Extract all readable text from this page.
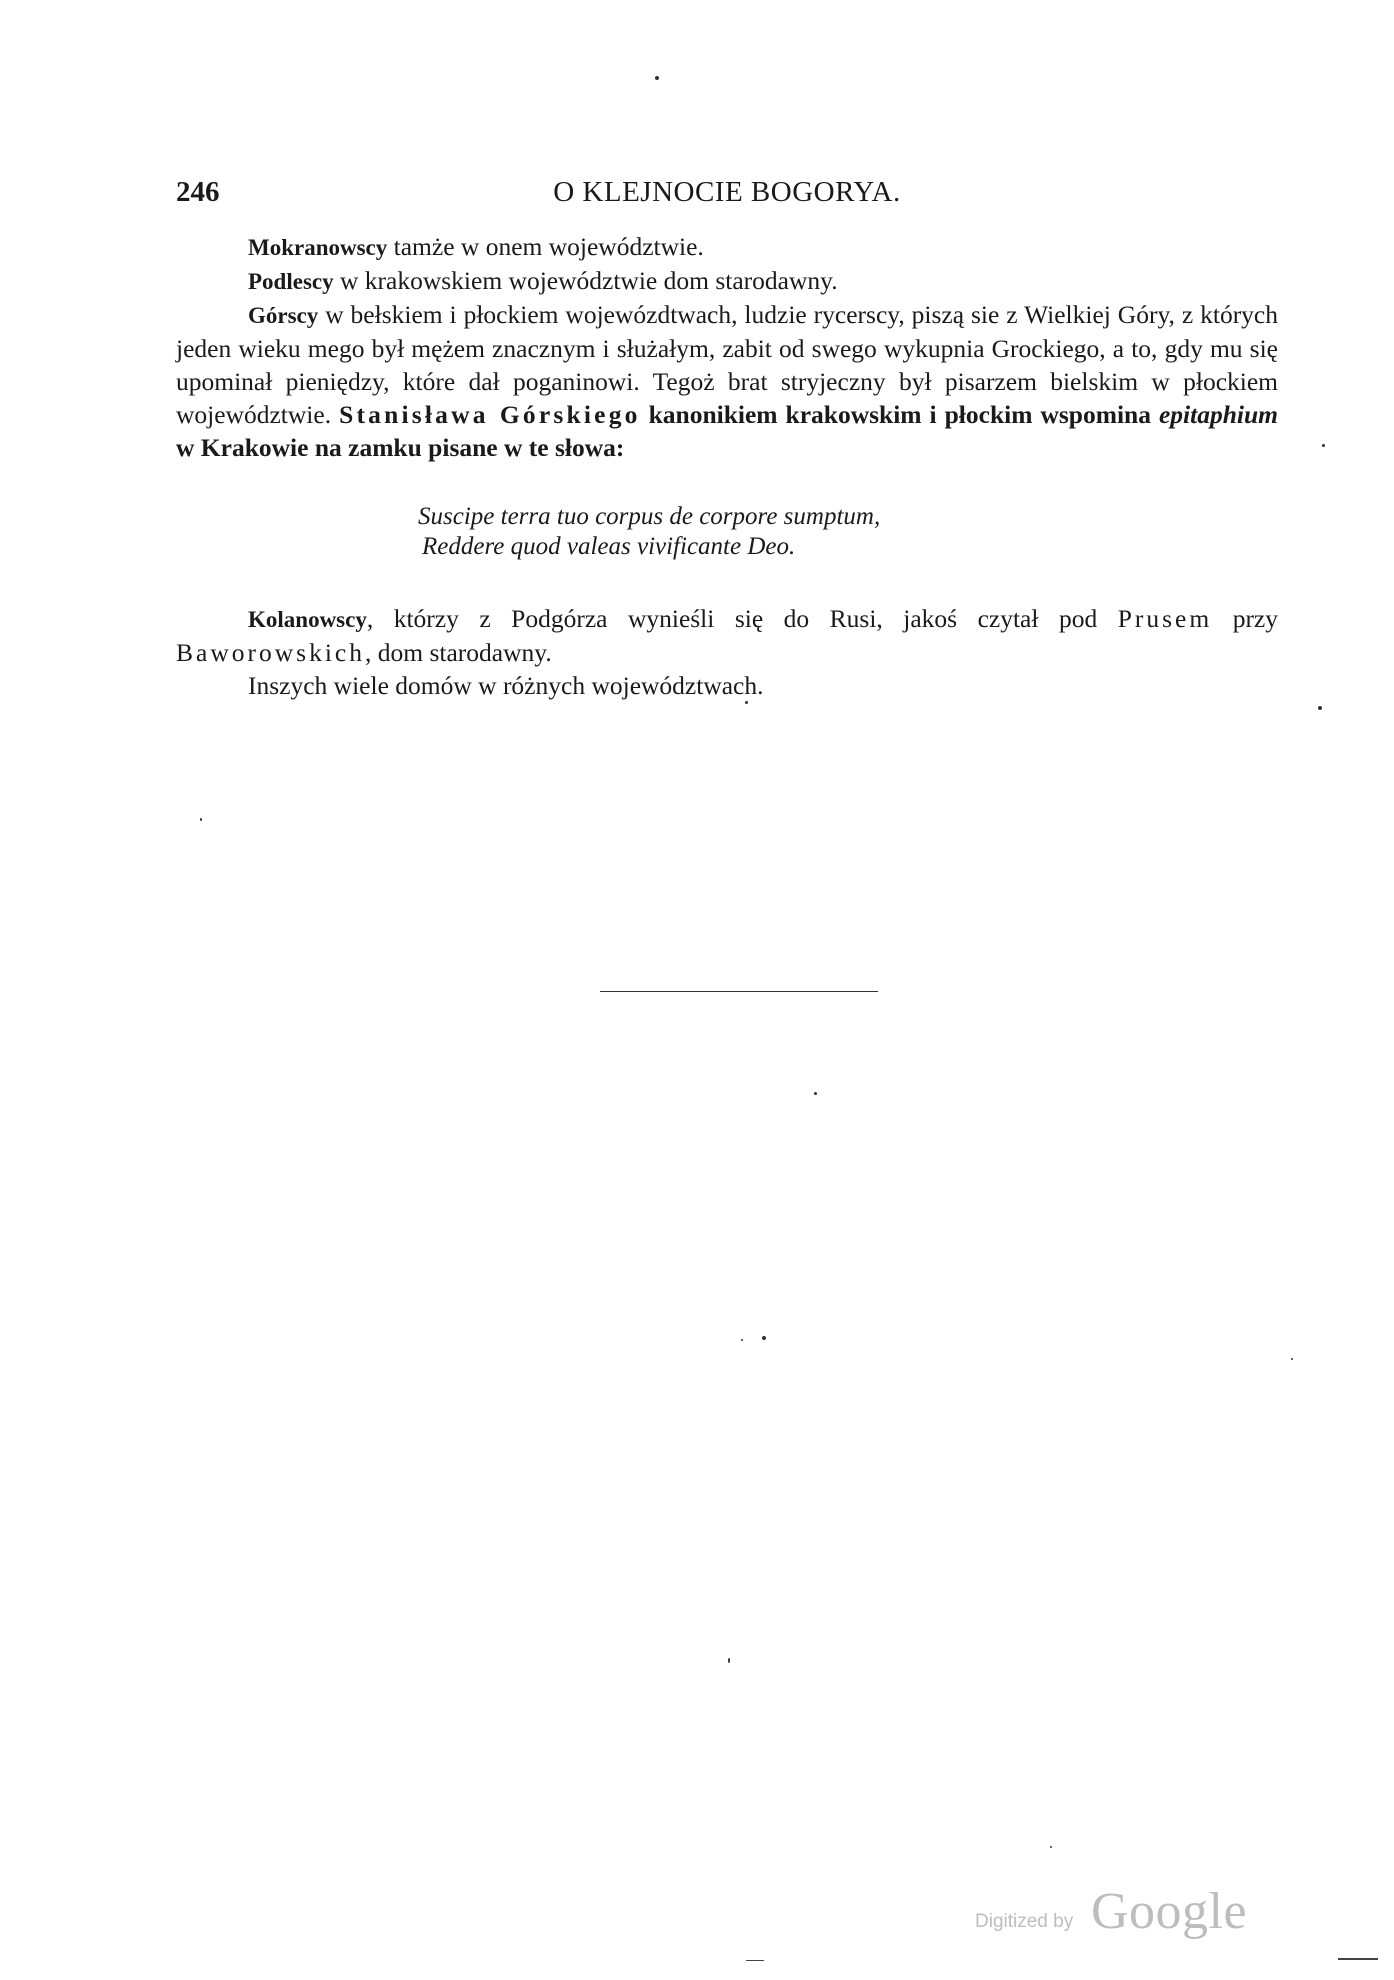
246	O KLEJNOCIE BOGORYA.

Mokranowscy tamże w onem województwie.

Podlescy w krakowskiem województwie dom starodawny.

Górscy w bełskiem i płockiem wojewózdtwach, ludzie rycerscy, piszą sie z Wielkiej Góry, z których jeden wieku mego był mężem znacznym i służałym, zabit od swego wykupnia Grockiego, a to, gdy mu się upominał pieniędzy, które dał poganinowi. Tegoż brat stryjeczny był pisarzem bielskim w płockiem województwie. Stanisława Górskiego kanonikiem krakowskim i płockim wspomina epitaphium w Krakowie na zamku pisane w te słowa:

Suscipe terra tuo corpus de corpore sumptum,
Reddere quod valeas vivificante Deo.

Kolanowscy, którzy z Podgórza wynieśli się do Rusi, jakoś czytał pod Prusem przy Baworowskich, dom starodawny.

Inszych wiele domów w różnych województwach.

Digitized by Google
